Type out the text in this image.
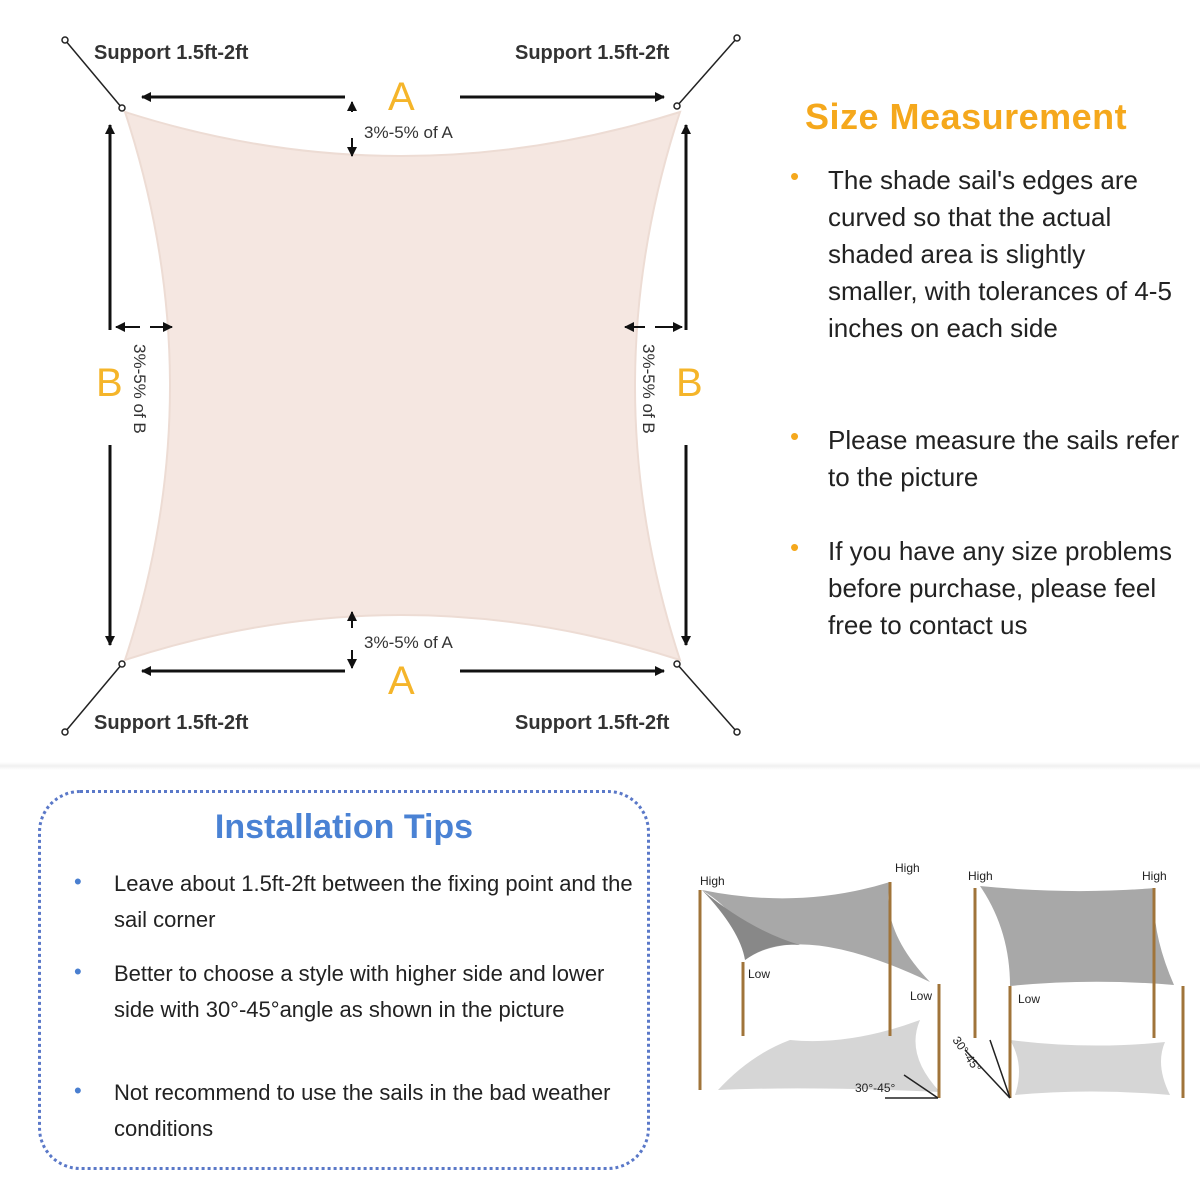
Support 1.5ft-2ft	Support 1.5ft-2ft
Support 1.5ft-2ft	Support 1.5ft-2ft
A
A
B	B
3%-5% of A
3%-5% of A
3%-5% of B	3%-5% of B
Size Measurement
• The shade sail's edges are curved so that the actual shaded area is slightly smaller, with tolerances of 4-5 inches on each side
• Please measure the sails refer to the picture
• If you have any size problems before purchase, please feel free to contact us
Installation Tips
• Leave about 1.5ft-2ft between the fixing point and the sail corner
• Better to choose a style with higher side and lower side with 30°-45°angle as shown in the picture
• Not recommend to use the sails in the bad weather conditions
High
High
Low
Low
30°-45°
High	High
Low
30°-45°
